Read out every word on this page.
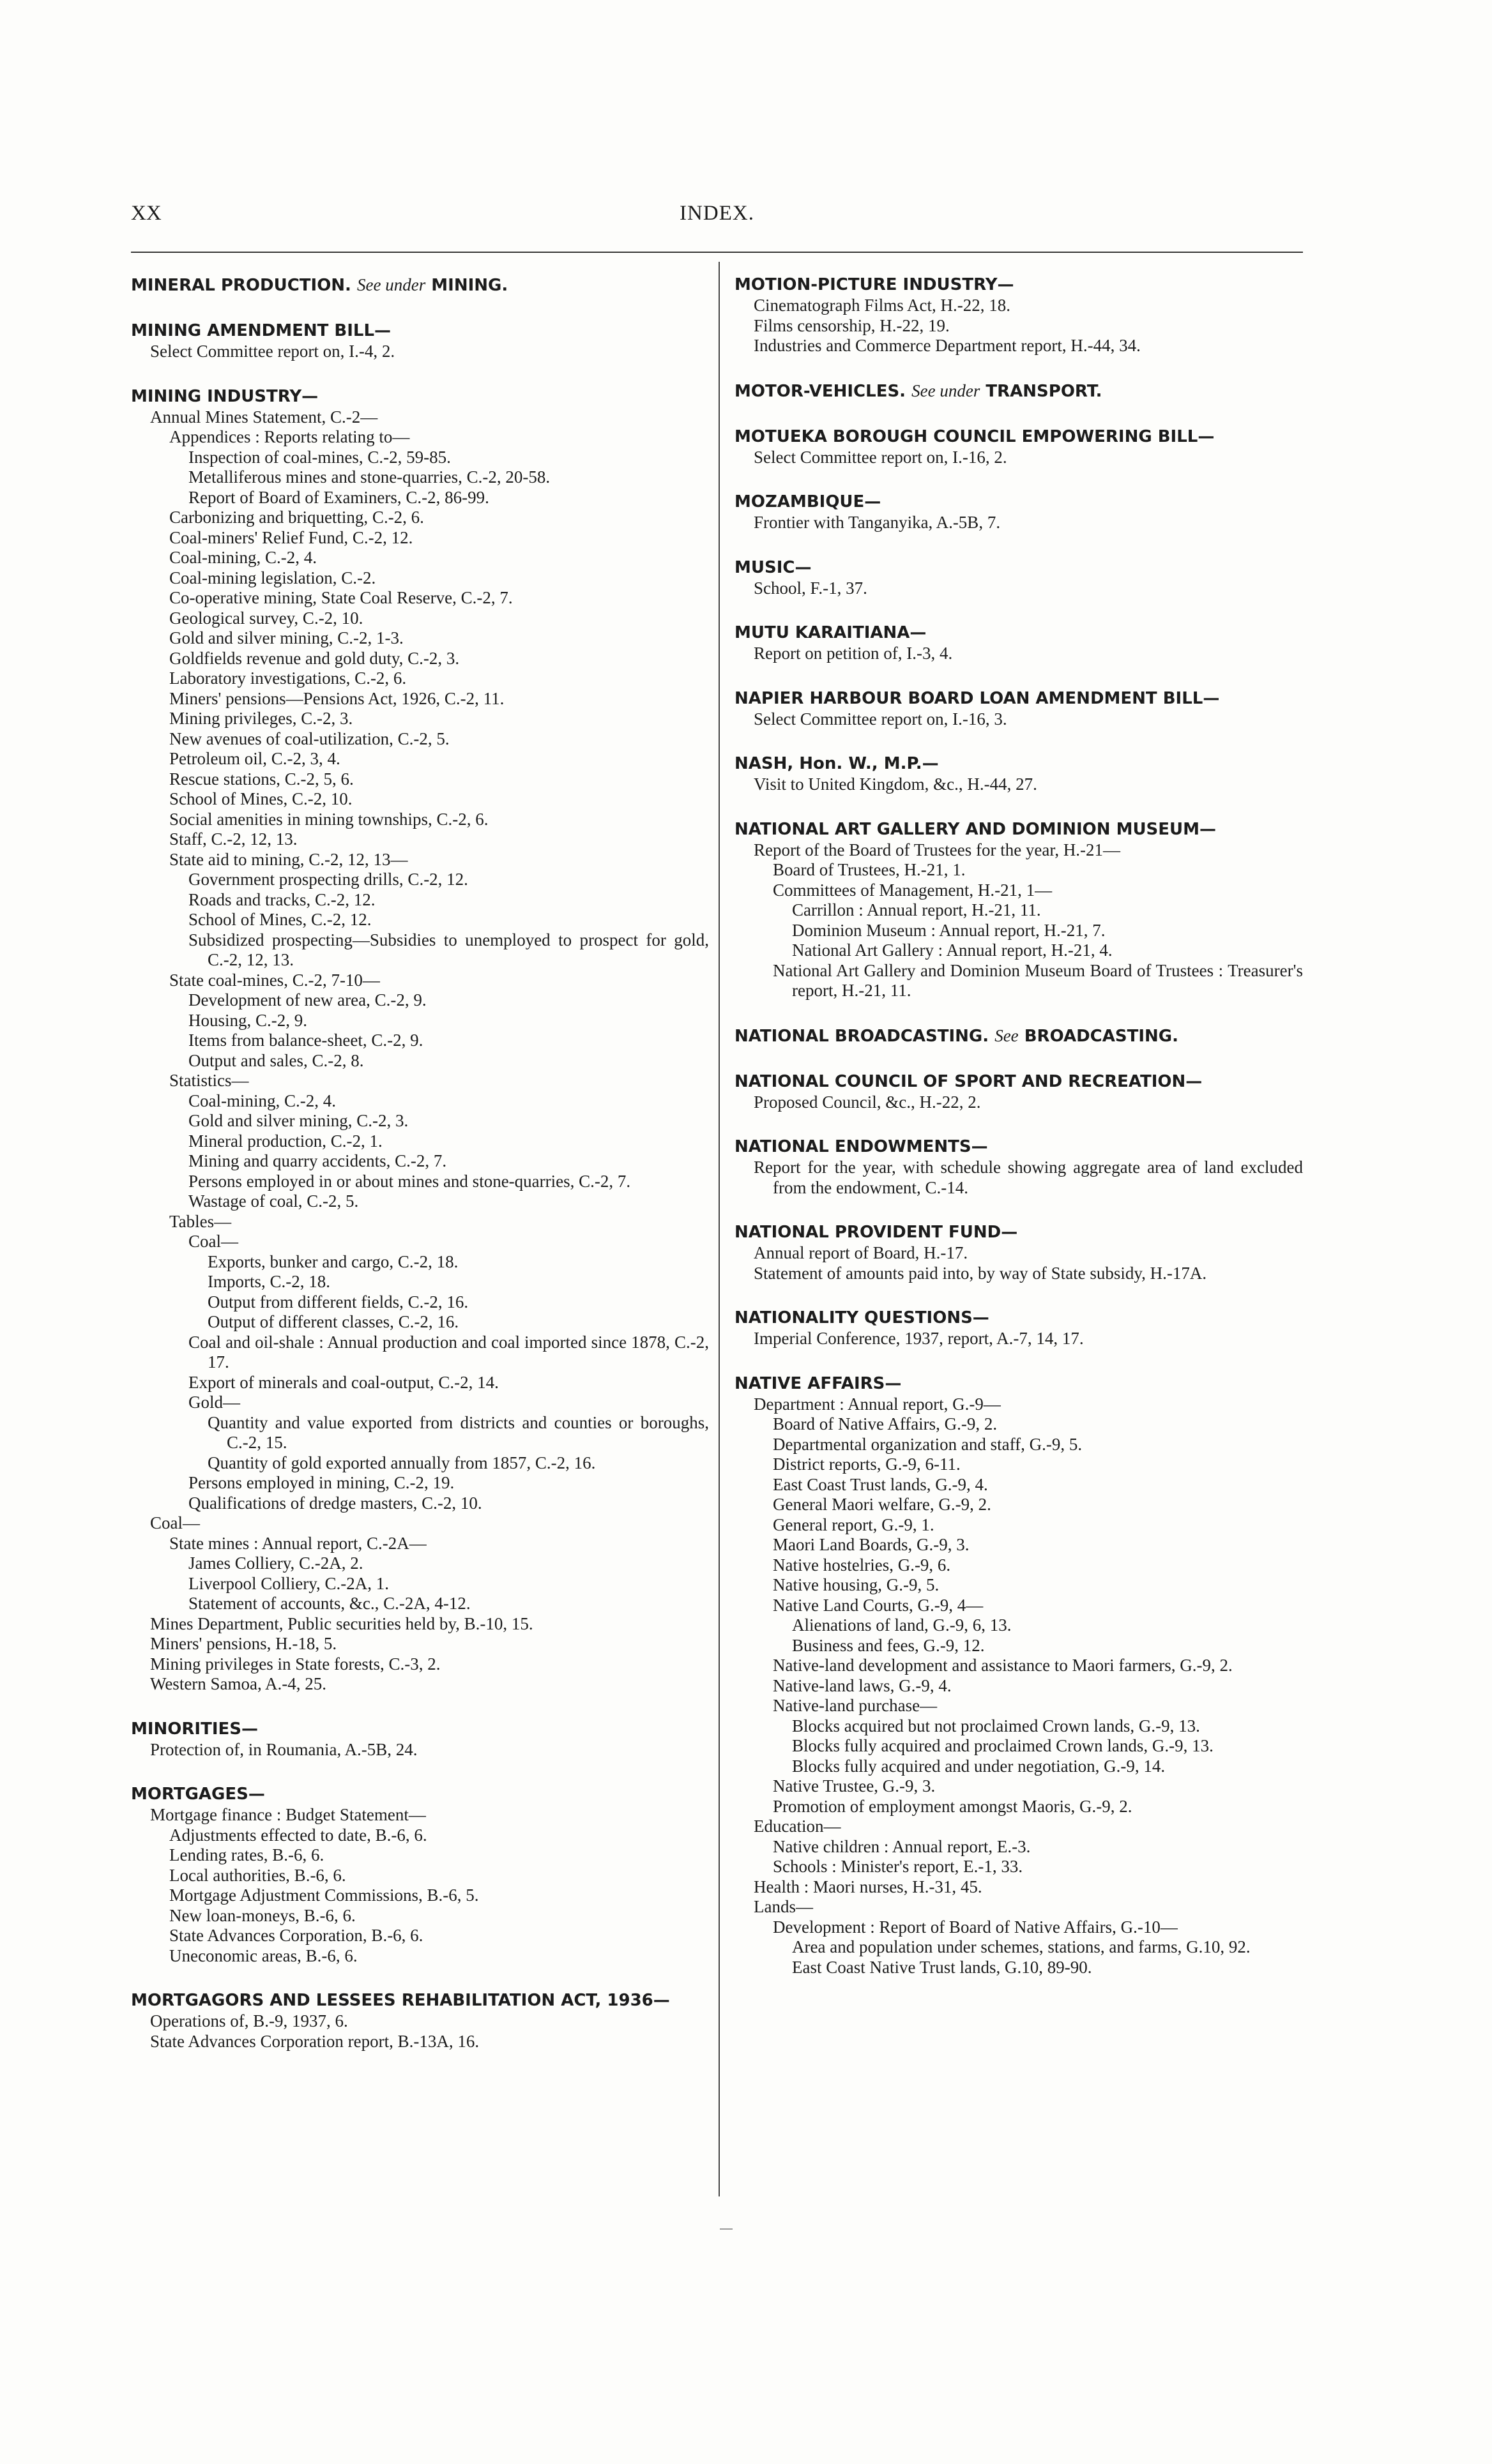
XX	INDEX.
MINERAL PRODUCTION. See under MINING.
MINING AMENDMENT BILL—
Select Committee report on, I.-4, 2.
MINING INDUSTRY—
Annual Mines Statement, C.-2—
Appendices : Reports relating to—
Inspection of coal-mines, C.-2, 59-85.
Metalliferous mines and stone-quarries, C.-2, 20-58.
Report of Board of Examiners, C.-2, 86-99.
Carbonizing and briquetting, C.-2, 6.
Coal-miners' Relief Fund, C.-2, 12.
Coal-mining, C.-2, 4.
Coal-mining legislation, C.-2.
Co-operative mining, State Coal Reserve, C.-2, 7.
Geological survey, C.-2, 10.
Gold and silver mining, C.-2, 1-3.
Goldfields revenue and gold duty, C.-2, 3.
Laboratory investigations, C.-2, 6.
Miners' pensions—Pensions Act, 1926, C.-2, 11.
Mining privileges, C.-2, 3.
New avenues of coal-utilization, C.-2, 5.
Petroleum oil, C.-2, 3, 4.
Rescue stations, C.-2, 5, 6.
School of Mines, C.-2, 10.
Social amenities in mining townships, C.-2, 6.
Staff, C.-2, 12, 13.
State aid to mining, C.-2, 12, 13—
Government prospecting drills, C.-2, 12.
Roads and tracks, C.-2, 12.
School of Mines, C.-2, 12.
Subsidized prospecting—Subsidies to unemployed to prospect for gold, C.-2, 12, 13.
State coal-mines, C.-2, 7-10—
Development of new area, C.-2, 9.
Housing, C.-2, 9.
Items from balance-sheet, C.-2, 9.
Output and sales, C.-2, 8.
Statistics—
Coal-mining, C.-2, 4.
Gold and silver mining, C.-2, 3.
Mineral production, C.-2, 1.
Mining and quarry accidents, C.-2, 7.
Persons employed in or about mines and stone-quarries, C.-2, 7.
Wastage of coal, C.-2, 5.
Tables—
Coal—
Exports, bunker and cargo, C.-2, 18.
Imports, C.-2, 18.
Output from different fields, C.-2, 16.
Output of different classes, C.-2, 16.
Coal and oil-shale : Annual production and coal imported since 1878, C.-2, 17.
Export of minerals and coal-output, C.-2, 14.
Gold—
Quantity and value exported from districts and counties or boroughs, C.-2, 15.
Quantity of gold exported annually from 1857, C.-2, 16.
Persons employed in mining, C.-2, 19.
Qualifications of dredge masters, C.-2, 10.
Coal—
State mines : Annual report, C.-2A—
James Colliery, C.-2A, 2.
Liverpool Colliery, C.-2A, 1.
Statement of accounts, &c., C.-2A, 4-12.
Mines Department, Public securities held by, B.-10, 15.
Miners' pensions, H.-18, 5.
Mining privileges in State forests, C.-3, 2.
Western Samoa, A.-4, 25.
MINORITIES—
Protection of, in Roumania, A.-5B, 24.
MORTGAGES—
Mortgage finance : Budget Statement—
Adjustments effected to date, B.-6, 6.
Lending rates, B.-6, 6.
Local authorities, B.-6, 6.
Mortgage Adjustment Commissions, B.-6, 5.
New loan-moneys, B.-6, 6.
State Advances Corporation, B.-6, 6.
Uneconomic areas, B.-6, 6.
MORTGAGORS AND LESSEES REHABILITATION ACT, 1936—
Operations of, B.-9, 1937, 6.
State Advances Corporation report, B.-13A, 16.
MOTION-PICTURE INDUSTRY—
Cinematograph Films Act, H.-22, 18.
Films censorship, H.-22, 19.
Industries and Commerce Department report, H.-44, 34.
MOTOR-VEHICLES. See under TRANSPORT.
MOTUEKA BOROUGH COUNCIL EMPOWERING BILL—
Select Committee report on, I.-16, 2.
MOZAMBIQUE—
Frontier with Tanganyika, A.-5B, 7.
MUSIC—
School, F.-1, 37.
MUTU KARAITIANA—
Report on petition of, I.-3, 4.
NAPIER HARBOUR BOARD LOAN AMENDMENT BILL—
Select Committee report on, I.-16, 3.
NASH, Hon. W., M.P.—
Visit to United Kingdom, &c., H.-44, 27.
NATIONAL ART GALLERY AND DOMINION MUSEUM—
Report of the Board of Trustees for the year, H.-21—
Board of Trustees, H.-21, 1.
Committees of Management, H.-21, 1—
Carrillon : Annual report, H.-21, 11.
Dominion Museum : Annual report, H.-21, 7.
National Art Gallery : Annual report, H.-21, 4.
National Art Gallery and Dominion Museum Board of Trustees : Treasurer's report, H.-21, 11.
NATIONAL BROADCASTING. See BROADCASTING.
NATIONAL COUNCIL OF SPORT AND RECREATION—
Proposed Council, &c., H.-22, 2.
NATIONAL ENDOWMENTS—
Report for the year, with schedule showing aggregate area of land excluded from the endowment, C.-14.
NATIONAL PROVIDENT FUND—
Annual report of Board, H.-17.
Statement of amounts paid into, by way of State subsidy, H.-17A.
NATIONALITY QUESTIONS—
Imperial Conference, 1937, report, A.-7, 14, 17.
NATIVE AFFAIRS—
Department : Annual report, G.-9—
Board of Native Affairs, G.-9, 2.
Departmental organization and staff, G.-9, 5.
District reports, G.-9, 6-11.
East Coast Trust lands, G.-9, 4.
General Maori welfare, G.-9, 2.
General report, G.-9, 1.
Maori Land Boards, G.-9, 3.
Native hostelries, G.-9, 6.
Native housing, G.-9, 5.
Native Land Courts, G.-9, 4—
Alienations of land, G.-9, 6, 13.
Business and fees, G.-9, 12.
Native-land development and assistance to Maori farmers, G.-9, 2.
Native-land laws, G.-9, 4.
Native-land purchase—
Blocks acquired but not proclaimed Crown lands, G.-9, 13.
Blocks fully acquired and proclaimed Crown lands, G.-9, 13.
Blocks fully acquired and under negotiation, G.-9, 14.
Native Trustee, G.-9, 3.
Promotion of employment amongst Maoris, G.-9, 2.
Education—
Native children : Annual report, E.-3.
Schools : Minister's report, E.-1, 33.
Health : Maori nurses, H.-31, 45.
Lands—
Development : Report of Board of Native Affairs, G.-10—
Area and population under schemes, stations, and farms, G.10, 92.
East Coast Native Trust lands, G.10, 89-90.
